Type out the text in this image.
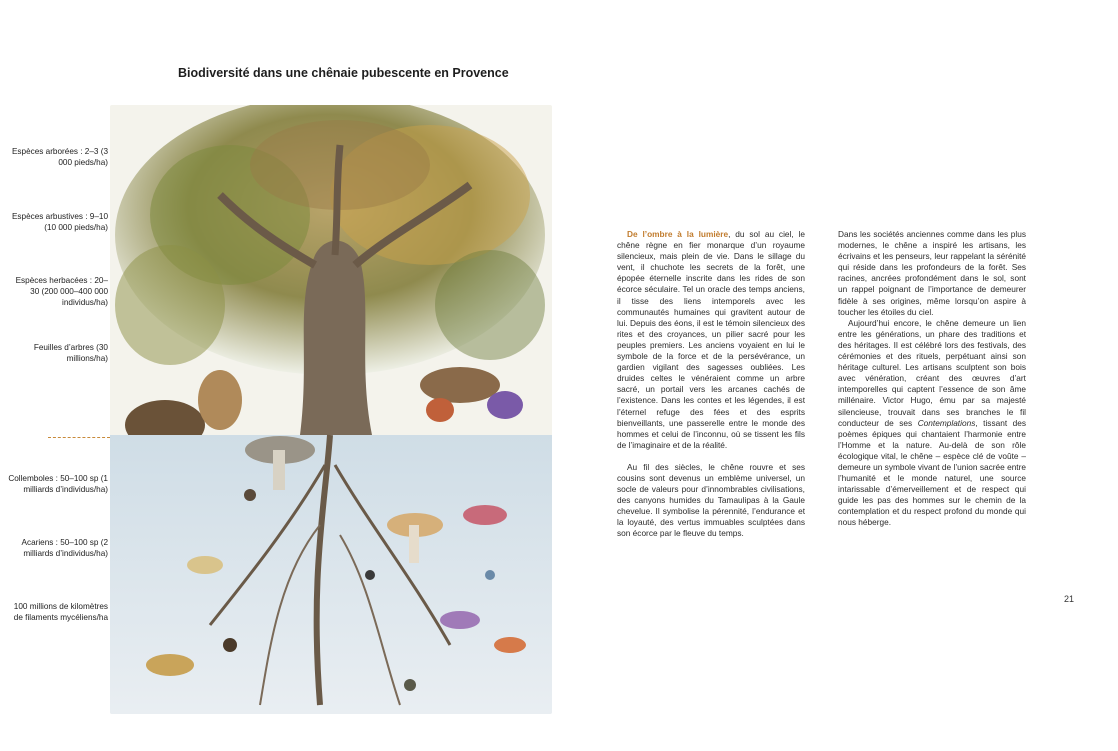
Biodiversité dans une chênaie pubescente en Provence
Espèces arborées : 2–3 (3 000 pieds/ha)
Espèces arbustives : 9–10 (10 000 pieds/ha)
Espèces herbacées : 20–30 (200 000–400 000 individus/ha)
Feuilles d’arbres (30 millions/ha)
Collemboles : 50–100 sp (1 milliards d’individus/ha)
Acariens : 50–100 sp (2 milliards d’individus/ha)
100 millions de kilomètres de filaments mycéliens/ha

De l’ombre à la lumière, du sol au ciel, le chêne règne en fier monarque d’un royaume silencieux, mais plein de vie. Dans le sillage du vent, il chuchote les secrets de la forêt, une épopée éternelle inscrite dans les rides de son écorce séculaire. Tel un oracle des temps anciens, il tisse des liens intemporels avec les communautés humaines qui gravitent autour de lui. Depuis des éons, il est le témoin silencieux des rites et des croyances, un pilier sacré pour les peuples premiers. Les anciens voyaient en lui le symbole de la force et de la persévérance, un gardien vigilant des sagesses oubliées. Les druides celtes le vénéraient comme un arbre sacré, un portail vers les arcanes cachés de l’existence. Dans les contes et les légendes, il est l’éternel refuge des fées et des esprits bienveillants, une passerelle entre le monde des hommes et celui de l’inconnu, où se tissent les fils de l’imaginaire et de la réalité.

Au fil des siècles, le chêne rouvre et ses cousins sont devenus un emblème universel, un socle de valeurs pour d’innombrables civilisations, des canyons humides du Tamaulipas à la Gaule chevelue. Il symbolise la pérennité, l’endurance et la loyauté, des vertus immuables sculptées dans son écorce par le fleuve du temps.

Dans les sociétés anciennes comme dans les plus modernes, le chêne a inspiré les artisans, les écrivains et les penseurs, leur rappelant la sérénité qui réside dans les profondeurs de la forêt. Ses racines, ancrées profondément dans le sol, sont un rappel poignant de l’importance de demeurer fidèle à ses origines, même lorsqu’on aspire à toucher les étoiles du ciel.

Aujourd’hui encore, le chêne demeure un lien entre les générations, un phare des traditions et des héritages. Il est célébré lors des festivals, des cérémonies et des rituels, perpétuant ainsi son héritage culturel. Les artisans sculptent son bois avec vénération, créant des œuvres d’art intemporelles qui captent l’essence de son âme millénaire. Victor Hugo, ému par sa majesté silencieuse, trouvait dans ses branches le fil conducteur de ses Contemplations, tissant des poèmes épiques qui chantaient l’harmonie entre l’Homme et la nature. Au-delà de son rôle écologique vital, le chêne – espèce clé de voûte – demeure un symbole vivant de l’union sacrée entre l’humanité et le monde naturel, une source intarissable d’émerveillement et de respect qui guide les pas des hommes sur le chemin de la contemplation et du respect profond du monde qui nous héberge.

21
